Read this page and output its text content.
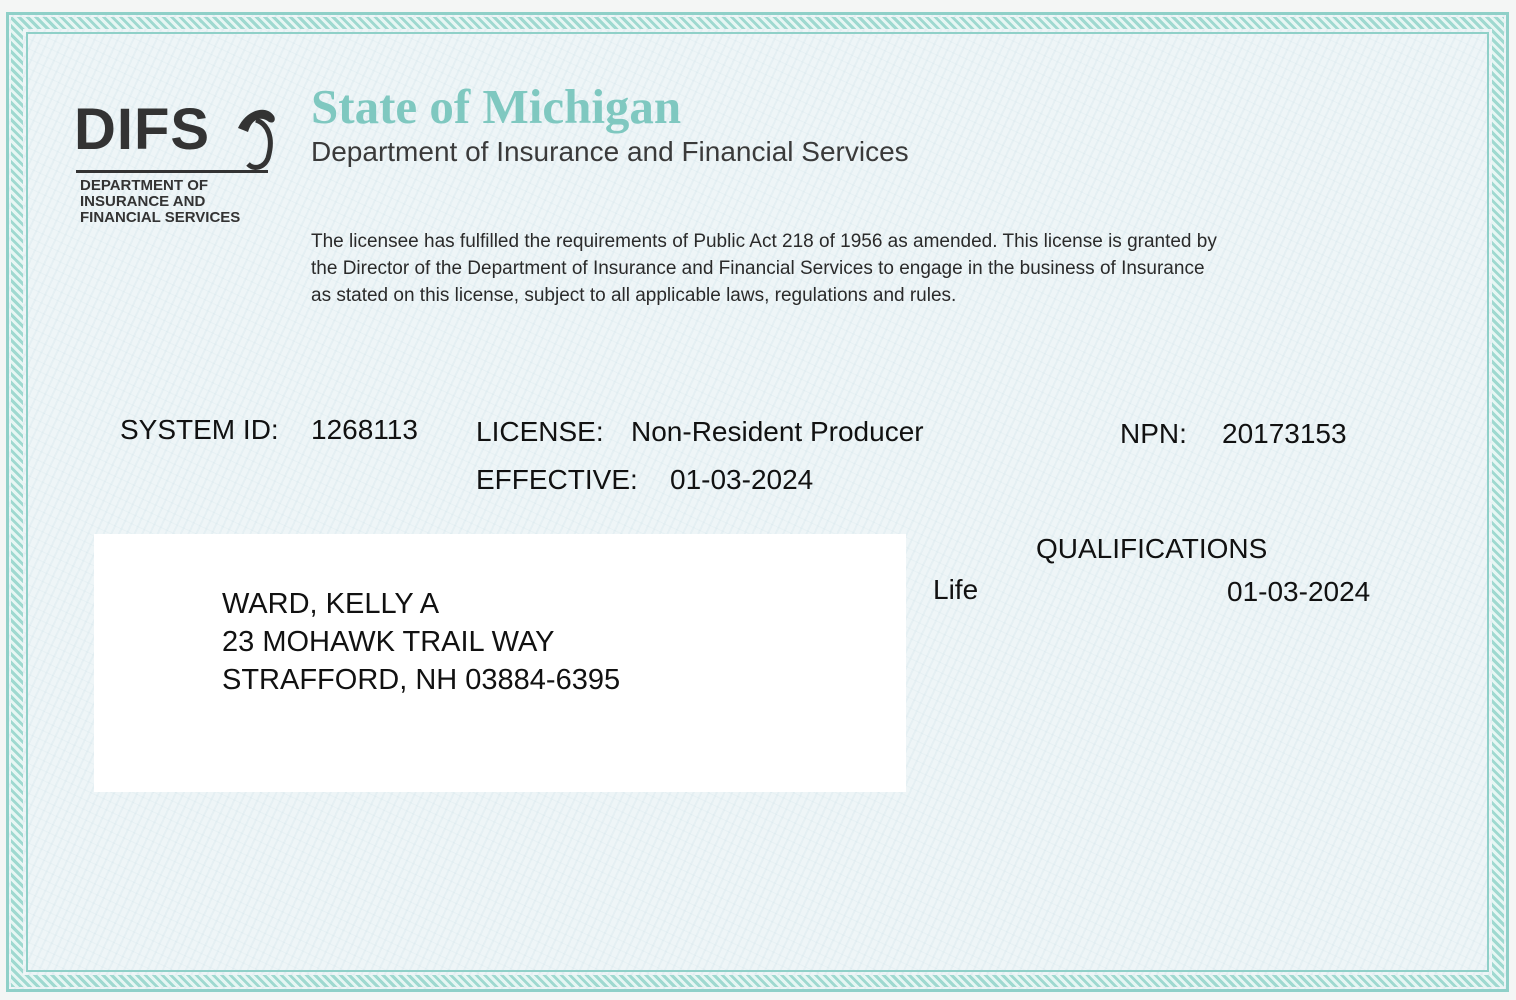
DIFS
DEPARTMENT OF
INSURANCE AND
FINANCIAL SERVICES
State of Michigan
Department of Insurance and Financial Services
The licensee has fulfilled the requirements of Public Act 218 of 1956 as amended. This license is granted by
the Director of the Department of Insurance and Financial Services to engage in the business of Insurance
as stated on this license, subject to all applicable laws, regulations and rules.
SYSTEM ID: 1268113 LICENSE: Non-Resident Producer	NPN: 20173153
EFFECTIVE: 01-03-2024
WARD, KELLY A
23 MOHAWK TRAIL WAY
STRAFFORD, NH 03884-6395
QUALIFICATIONS
Life	01-03-2024
